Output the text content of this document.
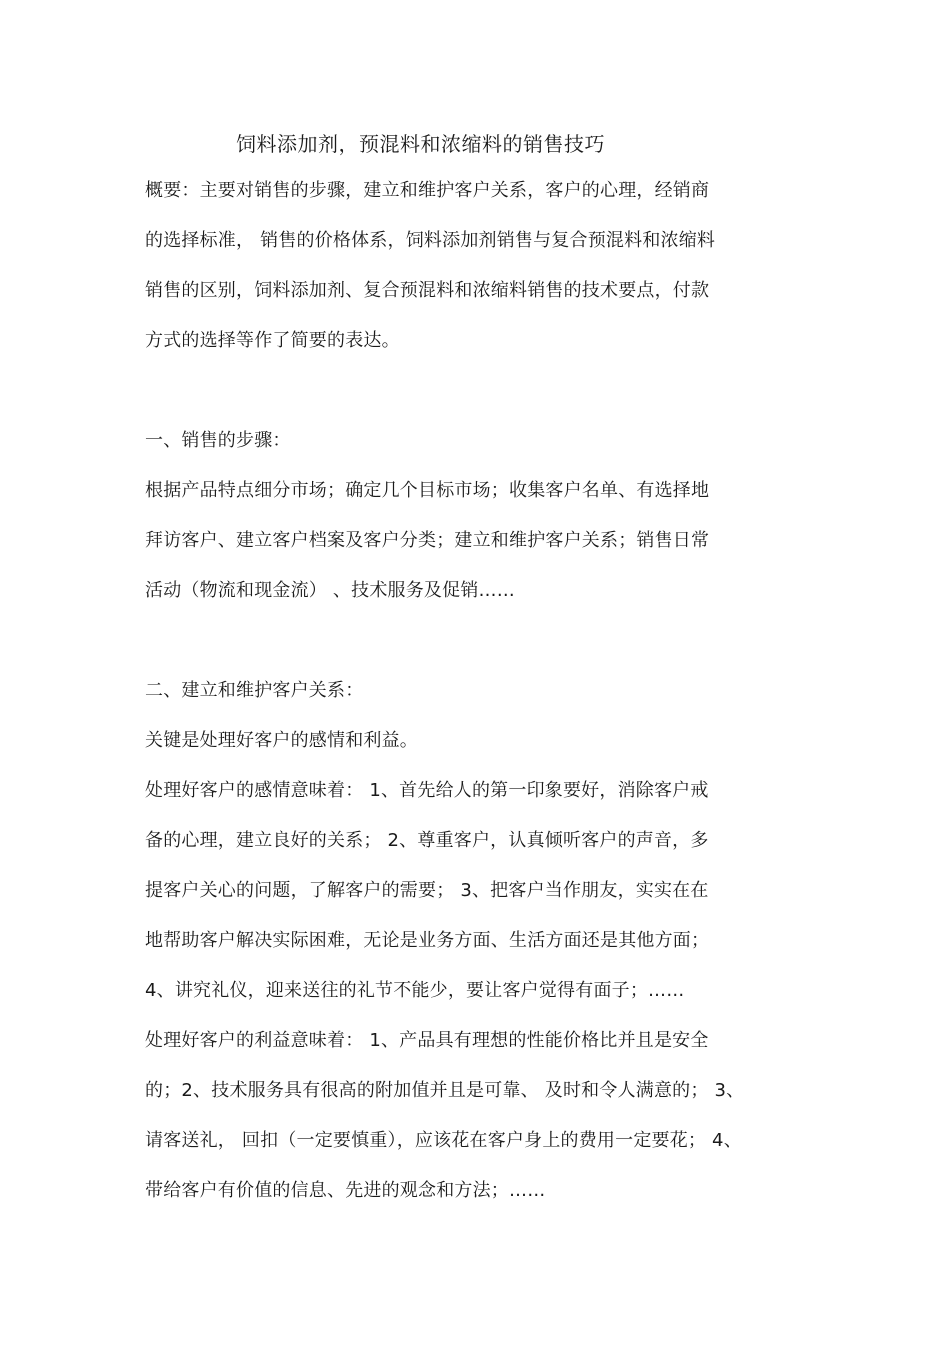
饲料添加剂，预混料和浓缩料的销售技巧
概要：主要对销售的步骤，建立和维护客户关系，客户的心理，经销商
的选择标准， 销售的价格体系，饲料添加剂销售与复合预混料和浓缩料
销售的区别，饲料添加剂、复合预混料和浓缩料销售的技术要点，付款
方式的选择等作了简要的表达。
一、销售的步骤：
根据产品特点细分市场；确定几个目标市场；收集客户名单、有选择地
拜访客户、建立客户档案及客户分类；建立和维护客户关系；销售日常
活动（物流和现金流） 、技术服务及促销……
二、建立和维护客户关系：
关键是处理好客户的感情和利益。
处理好客户的感情意味着： 1、首先给人的第一印象要好，消除客户戒
备的心理，建立良好的关系； 2、尊重客户，认真倾听客户的声音，多
提客户关心的问题，了解客户的需要； 3、把客户当作朋友，实实在在
地帮助客户解决实际困难，无论是业务方面、生活方面还是其他方面；
4、讲究礼仪，迎来送往的礼节不能少，要让客户觉得有面子；……
处理好客户的利益意味着： 1、产品具有理想的性能价格比并且是安全
的；2、技术服务具有很高的附加值并且是可靠、 及时和令人满意的； 3、
请客送礼， 回扣（一定要慎重），应该花在客户身上的费用一定要花； 4、
带给客户有价值的信息、先进的观念和方法；……
